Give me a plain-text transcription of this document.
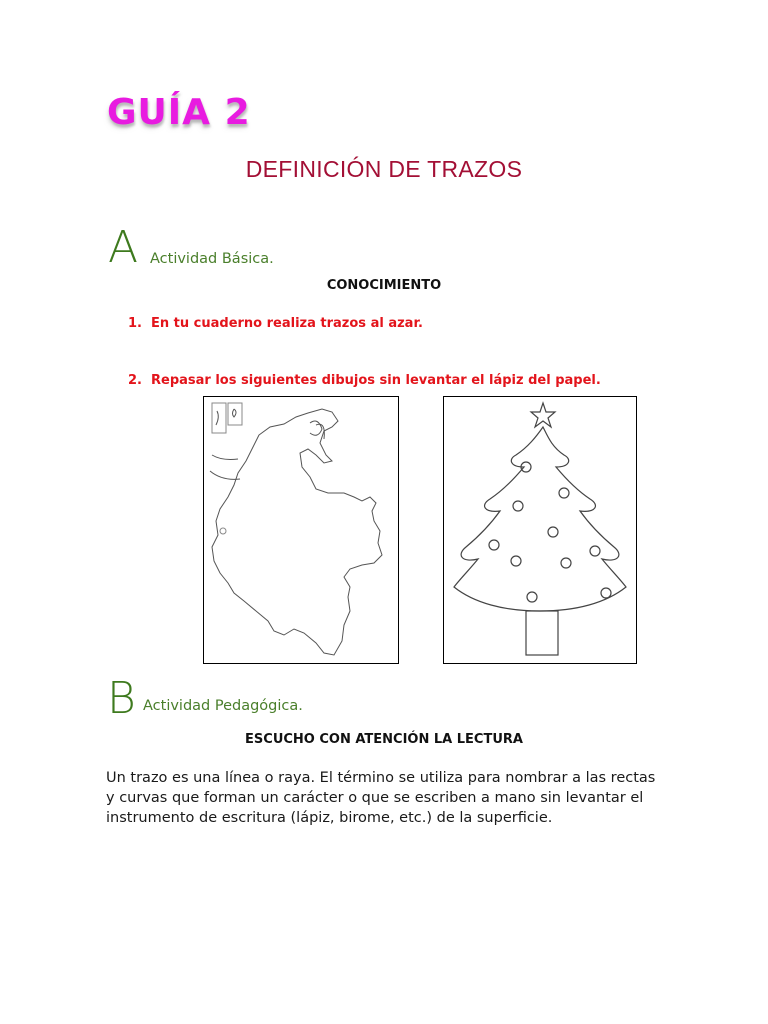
GUÍA 2
DEFINICIÓN DE TRAZOS
A Actividad Básica.
CONOCIMIENTO
1. En tu cuaderno realiza trazos al azar.
2. Repasar los siguientes dibujos sin levantar el lápiz del papel.
B Actividad Pedagógica.
ESCUCHO CON ATENCIÓN LA LECTURA
Un trazo es una línea o raya. El término se utiliza para nombrar a las rectas
y curvas que forman un carácter o que se escriben a mano sin levantar el
instrumento de escritura (lápiz, birome, etc.) de la superficie.
